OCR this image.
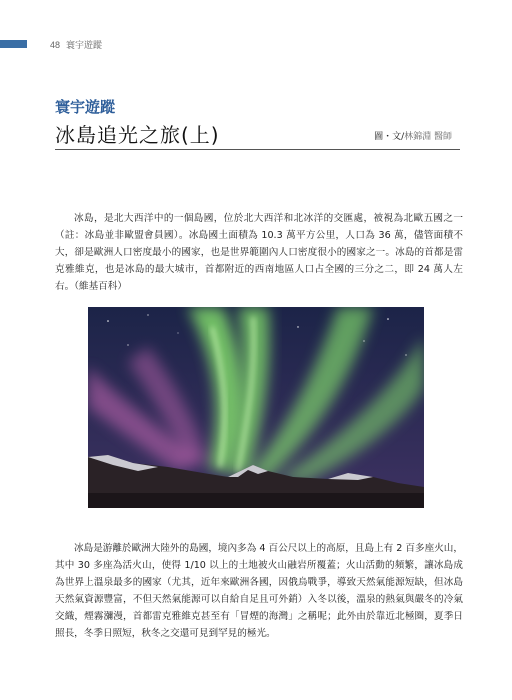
48 寰宇遊蹤
寰宇遊蹤
冰島追光之旅(上)	圖・文/林錦淵 醫師
冰島，是北大西洋中的一個島國，位於北大西洋和北冰洋的交匯處，被視為北歐五國之一（註：冰島並非歐盟會員國）。冰島國土面積為 10.3 萬平方公里，人口為 36 萬，儘管面積不大，卻是歐洲人口密度最小的國家，也是世界範圍內人口密度很小的國家之一。冰島的首都是雷克雅維克，也是冰島的最大城市，首都附近的西南地區人口占全國的三分之二，即 24 萬人左右。（維基百科）
冰島是游離於歐洲大陸外的島國，境內多為 4 百公尺以上的高原，且島上有 2 百多座火山，其中 30 多座為活火山，使得 1/10 以上的土地被火山融岩所覆蓋；火山活動的頻繁，讓冰島成為世界上溫泉最多的國家（尤其，近年來歐洲各國，因俄烏戰爭，導致天然氣能源短缺，但冰島天然氣資源豐富，不但天然氣能源可以自給自足且可外銷）入冬以後，溫泉的熱氣與嚴冬的冷氣交織，煙霧瀰漫，首都雷克雅維克甚至有「冒煙的海灣」之稱呢；此外由於靠近北極圈，夏季日照長，冬季日照短，秋冬之交還可見到罕見的極光。
